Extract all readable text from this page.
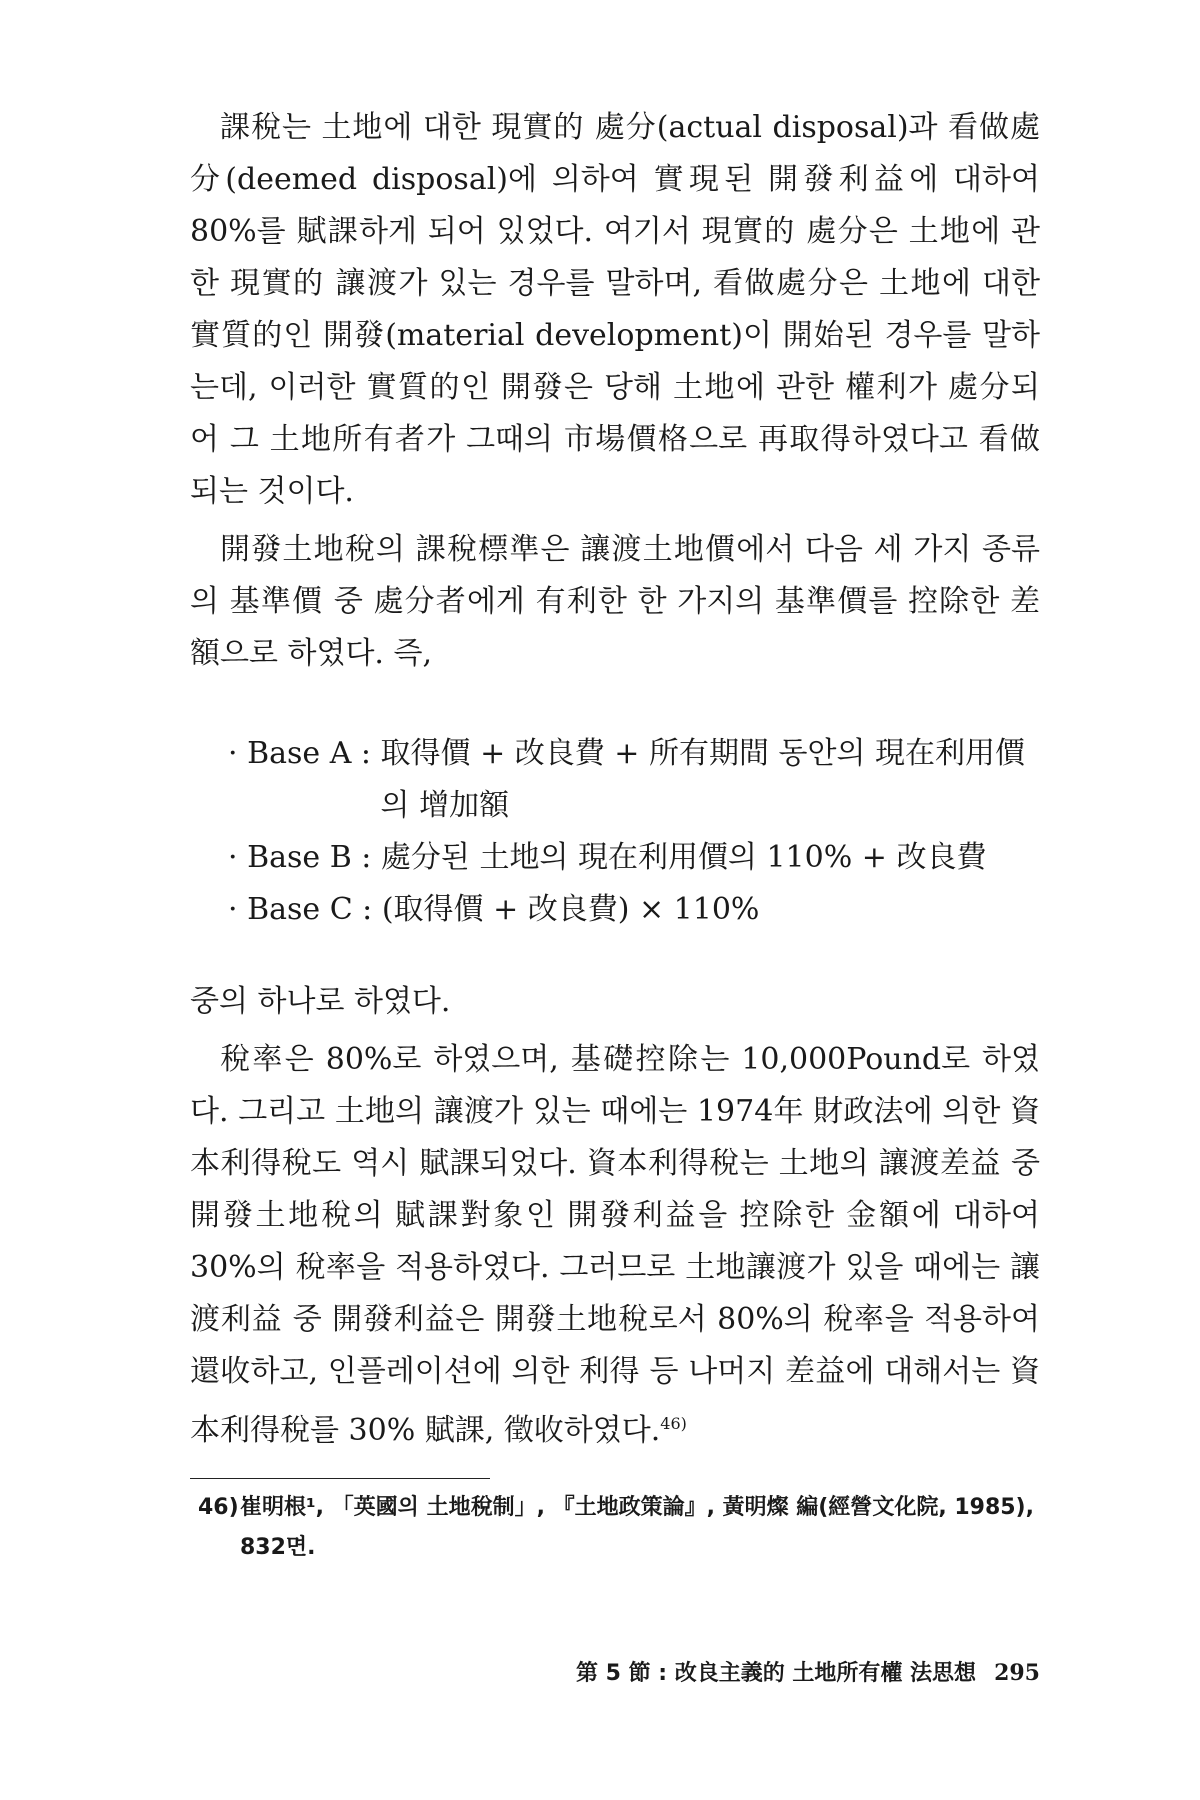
課稅는 土地에 대한 現實的 處分(actual disposal)과 看做處分(deemed disposal)에 의하여 實現된 開發利益에 대하여 80%를 賦課하게 되어 있었다. 여기서 現實的 處分은 土地에 관한 現實的 讓渡가 있는 경우를 말하며, 看做處分은 土地에 대한 實質的인 開發(material development)이 開始된 경우를 말하는데, 이러한 實質的인 開發은 당해 土地에 관한 權利가 處分되어 그 土地所有者가 그때의 市場價格으로 再取得하였다고 看做되는 것이다.

開發土地稅의 課稅標準은 讓渡土地價에서 다음 세 가지 종류의 基準價 중 處分者에게 有利한 한 가지의 基準價를 控除한 差額으로 하였다. 즉,

· Base A : 取得價 + 改良費 + 所有期間 동안의 現在利用價의 增加額
· Base B : 處分된 土地의 現在利用價의 110% + 改良費
· Base C : (取得價 + 改良費) × 110%

중의 하나로 하였다.

稅率은 80%로 하였으며, 基礎控除는 10,000Pound로 하였다. 그리고 土地의 讓渡가 있는 때에는 1974年 財政法에 의한 資本利得稅도 역시 賦課되었다. 資本利得稅는 土地의 讓渡差益 중 開發土地稅의 賦課對象인 開發利益을 控除한 金額에 대하여 30%의 稅率을 적용하였다. 그러므로 土地讓渡가 있을 때에는 讓渡利益 중 開發利益은 開發土地稅로서 80%의 稅率을 적용하여 還收하고, 인플레이션에 의한 利得 등 나머지 差益에 대해서는 資本利得稅를 30% 賦課, 徵收하였다.$^{46)}$

46)崔明根¹, 「英國의 土地稅制」, 『土地政策論』, 黃明燦 編(經營文化院, 1985),
832면.
第 5 節 : 改良主義的 土地所有權 法思想 295
